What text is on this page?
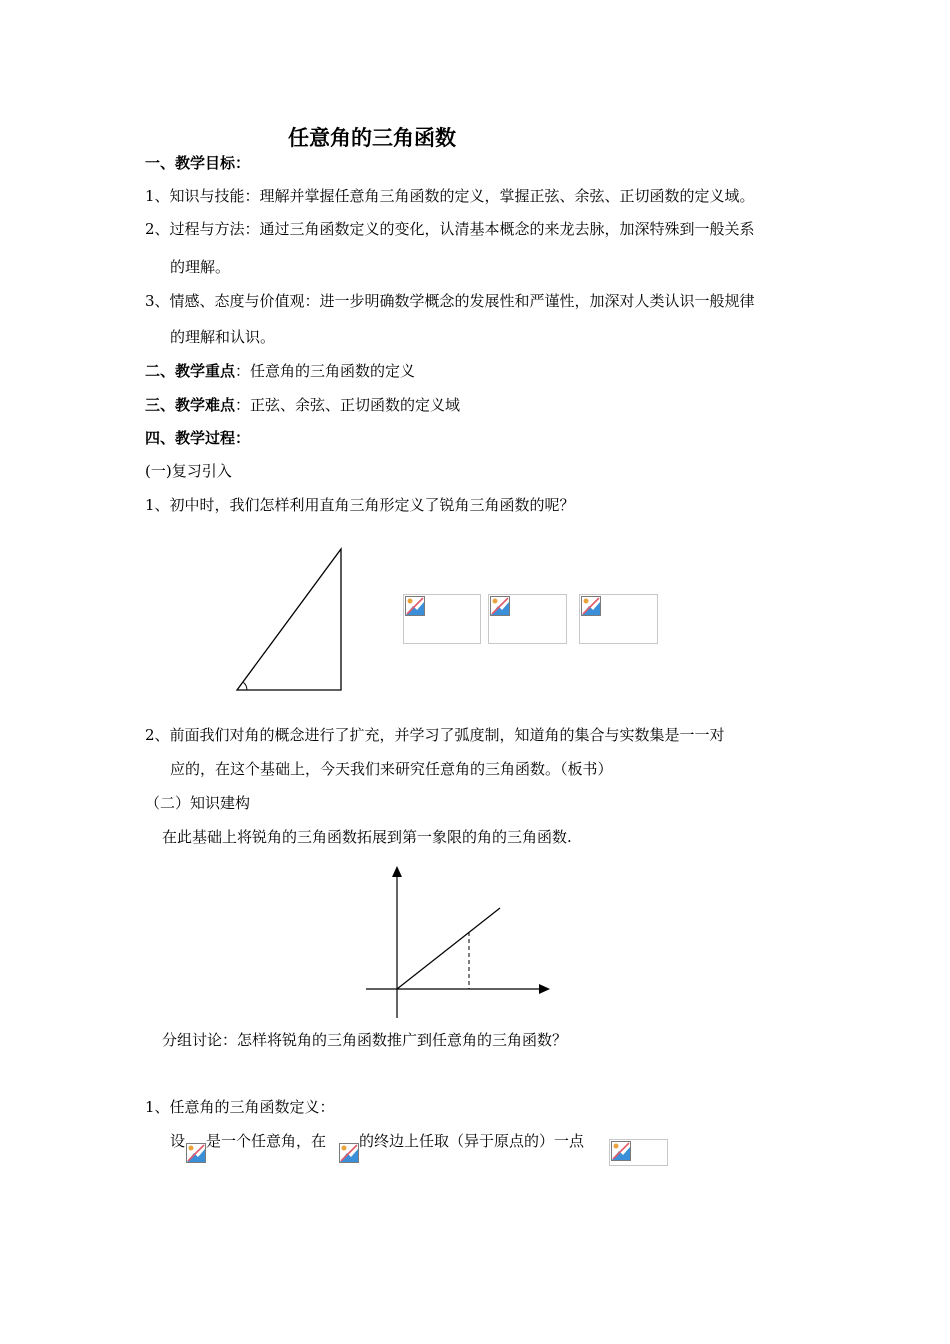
任意角的三角函数
一、教学目标：
1、知识与技能：理解并掌握任意角三角函数的定义，掌握正弦、余弦、正切函数的定义域。
2、过程与方法：通过三角函数定义的变化，认清基本概念的来龙去脉，加深特殊到一般关系
的理解。
3、情感、态度与价值观：进一步明确数学概念的发展性和严谨性，加深对人类认识一般规律
的理解和认识。
二、教学重点：任意角的三角函数的定义
三、教学难点：正弦、余弦、正切函数的定义域
四、教学过程：
(一)复习引入
1、初中时，我们怎样利用直角三角形定义了锐角三角函数的呢？
2、前面我们对角的概念进行了扩充，并学习了弧度制，知道角的集合与实数集是一一对
应的，在这个基础上，今天我们来研究任意角的三角函数。（板书）
（二）知识建构
在此基础上将锐角的三角函数拓展到第一象限的角的三角函数.
分组讨论：怎样将锐角的三角函数推广到任意角的三角函数？
1、任意角的三角函数定义：
设 是一个任意角，在 的终边上任取（异于原点的）一点
